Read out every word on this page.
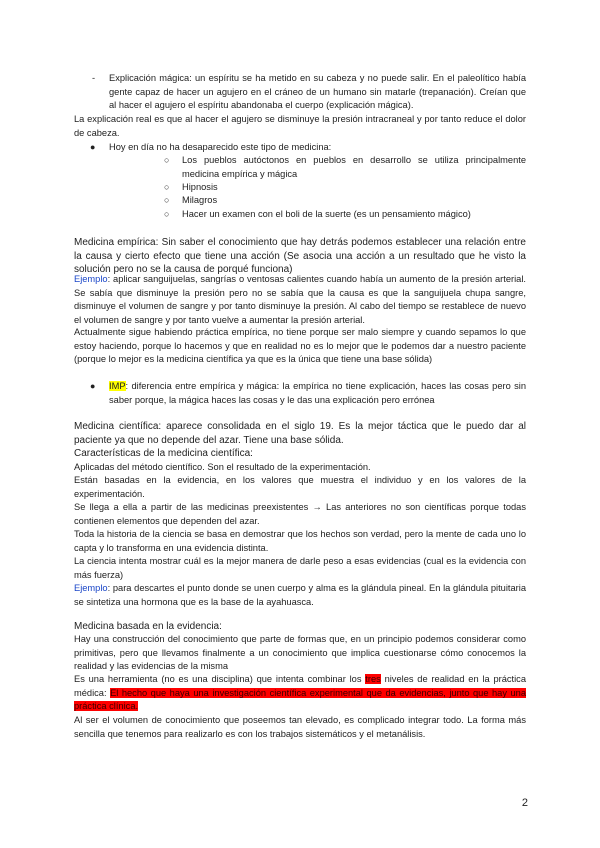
- Explicación mágica: un espíritu se ha metido en su cabeza y no puede salir. En el paleolítico había gente capaz de hacer un agujero en el cráneo de un humano sin matarle (trepanación). Creían que al hacer el agujero el espíritu abandonaba el cuerpo (explicación mágica).

La explicación real es que al hacer el agujero se disminuye la presión intracraneal y por tanto reduce el dolor de cabeza.

● Hoy en día no ha desaparecido este tipo de medicina:

○ Los pueblos autóctonos en pueblos en desarrollo se utiliza principalmente medicina empírica y mágica

○ Hipnosis

○ Milagros

○ Hacer un examen con el boli de la suerte (es un pensamiento mágico)

Medicina empírica: Sin saber el conocimiento que hay detrás podemos establecer una relación entre la causa y cierto efecto que tiene una acción (Se asocia una acción a un resultado que he visto la solución pero no se la causa de porqué funciona)

Ejemplo: aplicar sanguijuelas, sangrías o ventosas calientes cuando había un aumento de la presión arterial. Se sabía que disminuye la presión pero no se sabía que la causa es que la sanguijuela chupa sangre, disminuye el volumen de sangre y por tanto disminuye la presión. Al cabo del tiempo se restablece de nuevo el volumen de sangre y por tanto vuelve a aumentar la presión arterial.

Actualmente sigue habiendo práctica empírica, no tiene porque ser malo siempre y cuando sepamos lo que estoy haciendo, porque lo hacemos y que en realidad no es lo mejor que le podemos dar a nuestro paciente (porque lo mejor es la medicina científica ya que es la única que tiene una base sólida)

● IMP: diferencia entre empírica y mágica: la empírica no tiene explicación, haces las cosas pero sin saber porque, la mágica haces las cosas y le das una explicación pero errónea

Medicina científica: aparece consolidada en el siglo 19. Es la mejor táctica que le puedo dar al paciente ya que no depende del azar. Tiene una base sólida.

Características de la medicina científica:

Aplicadas del método científico. Son el resultado de la experimentación.

Están basadas en la evidencia, en los valores que muestra el individuo y en los valores de la experimentación.

Se llega a ella a partir de las medicinas preexistentes → Las anteriores no son científicas porque todas contienen elementos que dependen del azar.

Toda la historia de la ciencia se basa en demostrar que los hechos son verdad, pero la mente de cada uno lo capta y lo transforma en una evidencia distinta.

La ciencia intenta mostrar cuál es la mejor manera de darle peso a esas evidencias (cual es la evidencia con más fuerza)

Ejemplo: para descartes el punto donde se unen cuerpo y alma es la glándula pineal. En la glándula pituitaria se sintetiza una hormona que es la base de la ayahuasca.

Medicina basada en la evidencia:

Hay una construcción del conocimiento que parte de formas que, en un principio podemos considerar como primitivas, pero que llevamos finalmente a un conocimiento que implica cuestionarse cómo conocemos la realidad y las evidencias de la misma

Es una herramienta (no es una disciplina) que intenta combinar los tres niveles de realidad en la práctica médica: El hecho que haya una investigación científica experimental que da evidencias, junto que hay una práctica clínica.

Al ser el volumen de conocimiento que poseemos tan elevado, es complicado integrar todo. La forma más sencilla que tenemos para realizarlo es con los trabajos sistemáticos y el metanálisis.

2
